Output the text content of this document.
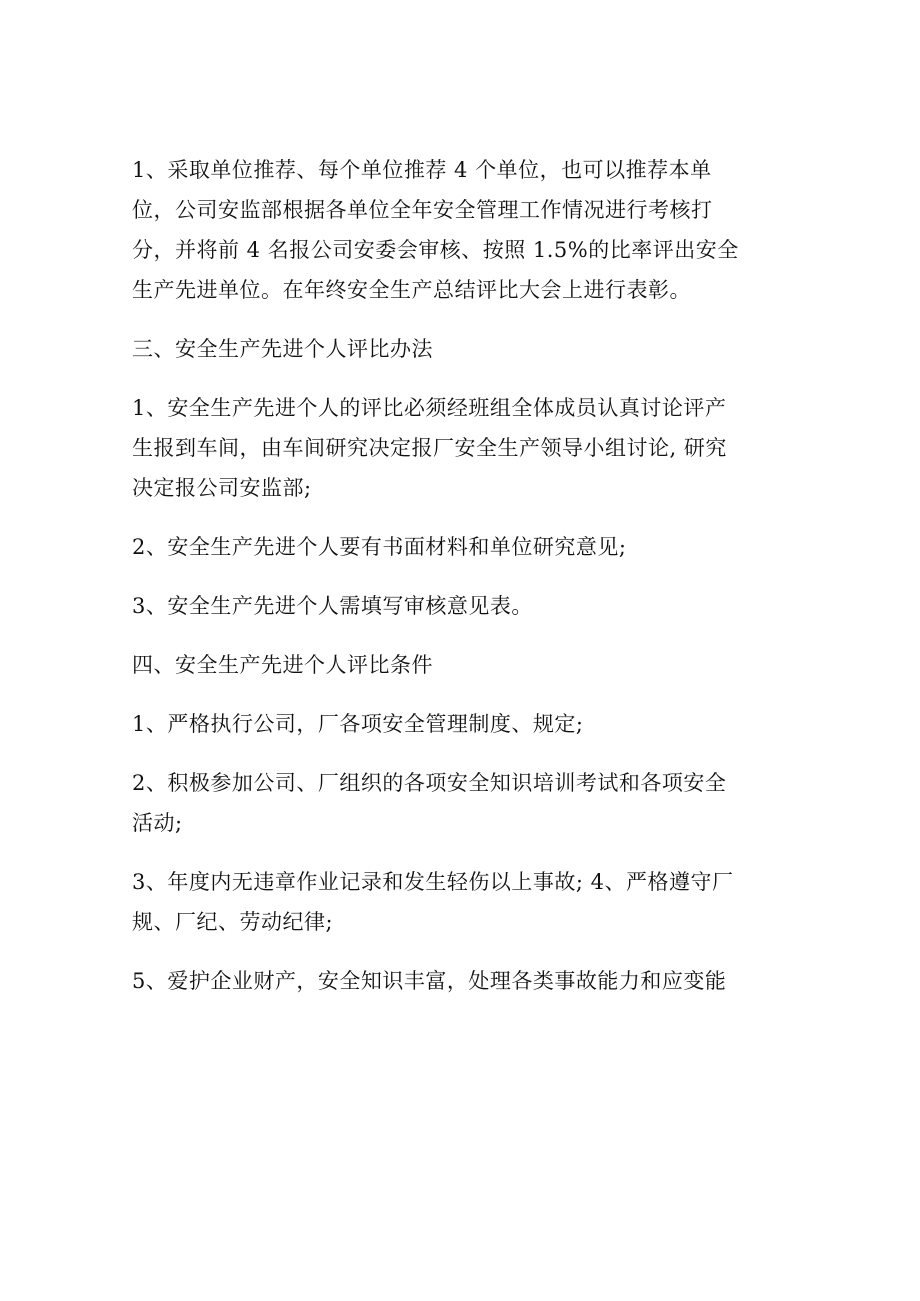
1、采取单位推荐、每个单位推荐 4 个单位，也可以推荐本单
位，公司安监部根据各单位全年安全管理工作情况进行考核打
分，并将前 4 名报公司安委会审核、按照 1.5%的比率评出安全
生产先进单位。在年终安全生产总结评比大会上进行表彰。
三、安全生产先进个人评比办法
1、安全生产先进个人的评比必须经班组全体成员认真讨论评产
生报到车间，由车间研究决定报厂安全生产领导小组讨论, 研究
决定报公司安监部;
2、安全生产先进个人要有书面材料和单位研究意见;
3、安全生产先进个人需填写审核意见表。
四、安全生产先进个人评比条件
1、严格执行公司，厂各项安全管理制度、规定;
2、积极参加公司、厂组织的各项安全知识培训考试和各项安全
活动;
3、年度内无违章作业记录和发生轻伤以上事故; 4、严格遵守厂
规、厂纪、劳动纪律;
5、爱护企业财产，安全知识丰富，处理各类事故能力和应变能
